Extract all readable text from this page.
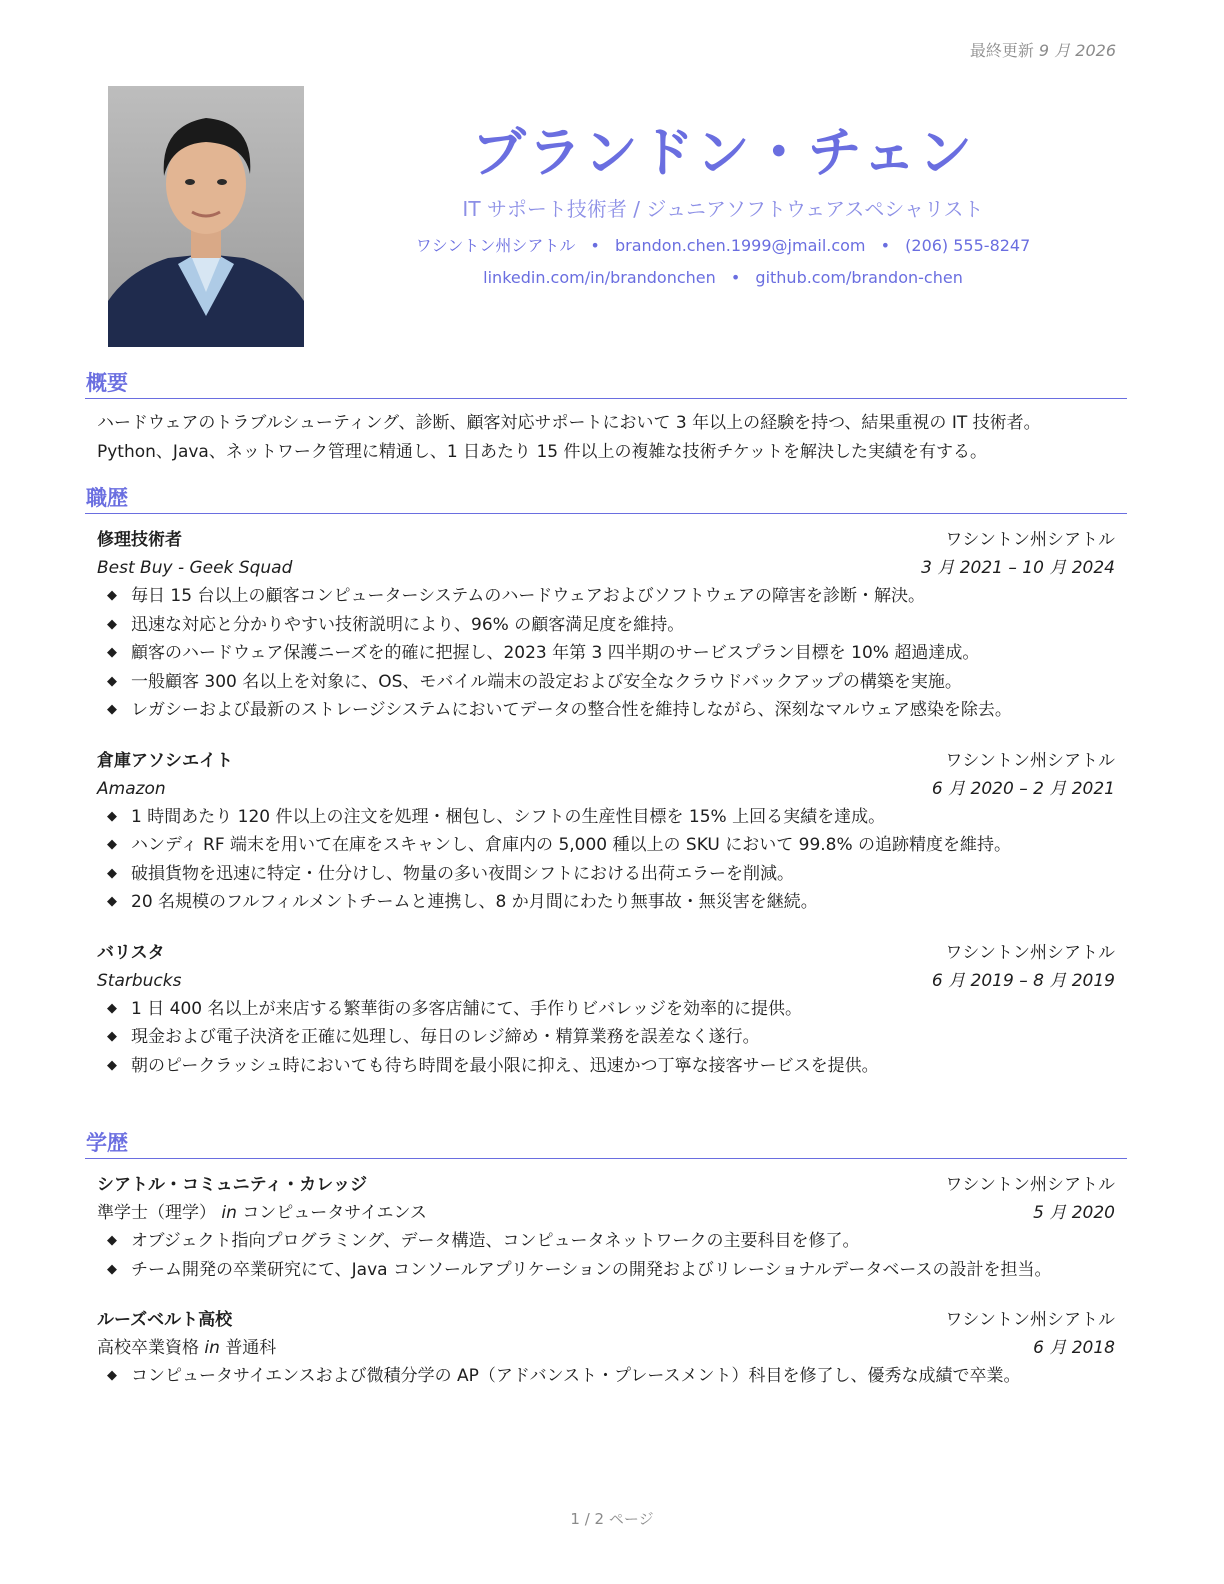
最終更新 9 月 2026
ブランドン・チェン
IT サポート技術者 / ジュニアソフトウェアスペシャリスト
ワシントン州シアトル • brandon.chen.1999@jmail.com • (206) 555-8247
linkedin.com/in/brandonchen • github.com/brandon-chen
概要
ハードウェアのトラブルシューティング、診断、顧客対応サポートにおいて 3 年以上の経験を持つ、結果重視の IT 技術者。Python、Java、ネットワーク管理に精通し、1 日あたり 15 件以上の複雑な技術チケットを解決した実績を有する。
職歴
修理技術者	ワシントン州シアトル
Best Buy - Geek Squad	3 月 2021 – 10 月 2024
◆ 毎日 15 台以上の顧客コンピューターシステムのハードウェアおよびソフトウェアの障害を診断・解決。
◆ 迅速な対応と分かりやすい技術説明により、96% の顧客満足度を維持。
◆ 顧客のハードウェア保護ニーズを的確に把握し、2023 年第 3 四半期のサービスプラン目標を 10% 超過達成。
◆ 一般顧客 300 名以上を対象に、OS、モバイル端末の設定および安全なクラウドバックアップの構築を実施。
◆ レガシーおよび最新のストレージシステムにおいてデータの整合性を維持しながら、深刻なマルウェア感染を除去。
倉庫アソシエイト	ワシントン州シアトル
Amazon	6 月 2020 – 2 月 2021
◆ 1 時間あたり 120 件以上の注文を処理・梱包し、シフトの生産性目標を 15% 上回る実績を達成。
◆ ハンディ RF 端末を用いて在庫をスキャンし、倉庫内の 5,000 種以上の SKU において 99.8% の追跡精度を維持。
◆ 破損貨物を迅速に特定・仕分けし、物量の多い夜間シフトにおける出荷エラーを削減。
◆ 20 名規模のフルフィルメントチームと連携し、8 か月間にわたり無事故・無災害を継続。
バリスタ	ワシントン州シアトル
Starbucks	6 月 2019 – 8 月 2019
◆ 1 日 400 名以上が来店する繁華街の多客店舗にて、手作りビバレッジを効率的に提供。
◆ 現金および電子決済を正確に処理し、毎日のレジ締め・精算業務を誤差なく遂行。
◆ 朝のピークラッシュ時においても待ち時間を最小限に抑え、迅速かつ丁寧な接客サービスを提供。
学歴
シアトル・コミュニティ・カレッジ	ワシントン州シアトル
準学士（理学） in コンピュータサイエンス	5 月 2020
◆ オブジェクト指向プログラミング、データ構造、コンピュータネットワークの主要科目を修了。
◆ チーム開発の卒業研究にて、Java コンソールアプリケーションの開発およびリレーショナルデータベースの設計を担当。
ルーズベルト高校	ワシントン州シアトル
高校卒業資格 in 普通科	6 月 2018
◆ コンピュータサイエンスおよび微積分学の AP（アドバンスト・プレースメント）科目を修了し、優秀な成績で卒業。
1 / 2 ページ
